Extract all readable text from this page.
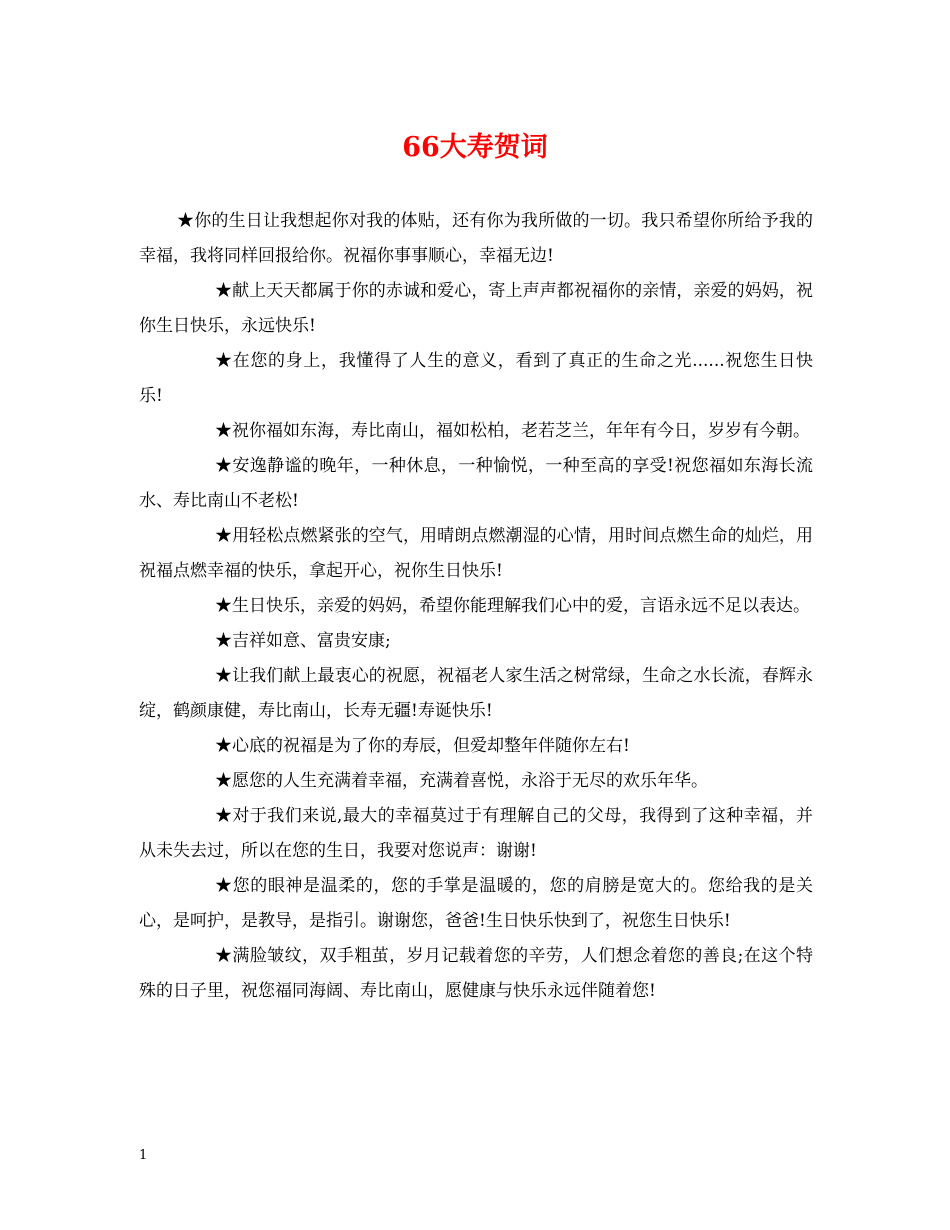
66大寿贺词

★你的生日让我想起你对我的体贴，还有你为我所做的一切。我只希望你所给予我的幸福，我将同样回报给你。祝福你事事顺心，幸福无边!

★献上天天都属于你的赤诚和爱心，寄上声声都祝福你的亲情，亲爱的妈妈，祝你生日快乐，永远快乐!

★在您的身上，我懂得了人生的意义，看到了真正的生命之光......祝您生日快乐!

★祝你福如东海，寿比南山，福如松柏，老若芝兰，年年有今日，岁岁有今朝。

★安逸静谧的晚年，一种休息，一种愉悦，一种至高的享受!祝您福如东海长流水、寿比南山不老松!

★用轻松点燃紧张的空气，用晴朗点燃潮湿的心情，用时间点燃生命的灿烂，用祝福点燃幸福的快乐，拿起开心，祝你生日快乐!

★生日快乐，亲爱的妈妈，希望你能理解我们心中的爱，言语永远不足以表达。

★吉祥如意、富贵安康;

★让我们献上最衷心的祝愿，祝福老人家生活之树常绿，生命之水长流，春辉永绽，鹤颜康健，寿比南山，长寿无疆!寿诞快乐!

★心底的祝福是为了你的寿辰，但爱却整年伴随你左右!

★愿您的人生充满着幸福，充满着喜悦，永浴于无尽的欢乐年华。

★对于我们来说,最大的幸福莫过于有理解自己的父母，我得到了这种幸福，并从未失去过，所以在您的生日，我要对您说声：谢谢!

★您的眼神是温柔的，您的手掌是温暖的，您的肩膀是宽大的。您给我的是关心，是呵护，是教导，是指引。谢谢您，爸爸!生日快乐快到了，祝您生日快乐!

★满脸皱纹，双手粗茧，岁月记载着您的辛劳，人们想念着您的善良;在这个特殊的日子里，祝您福同海阔、寿比南山，愿健康与快乐永远伴随着您!

1
